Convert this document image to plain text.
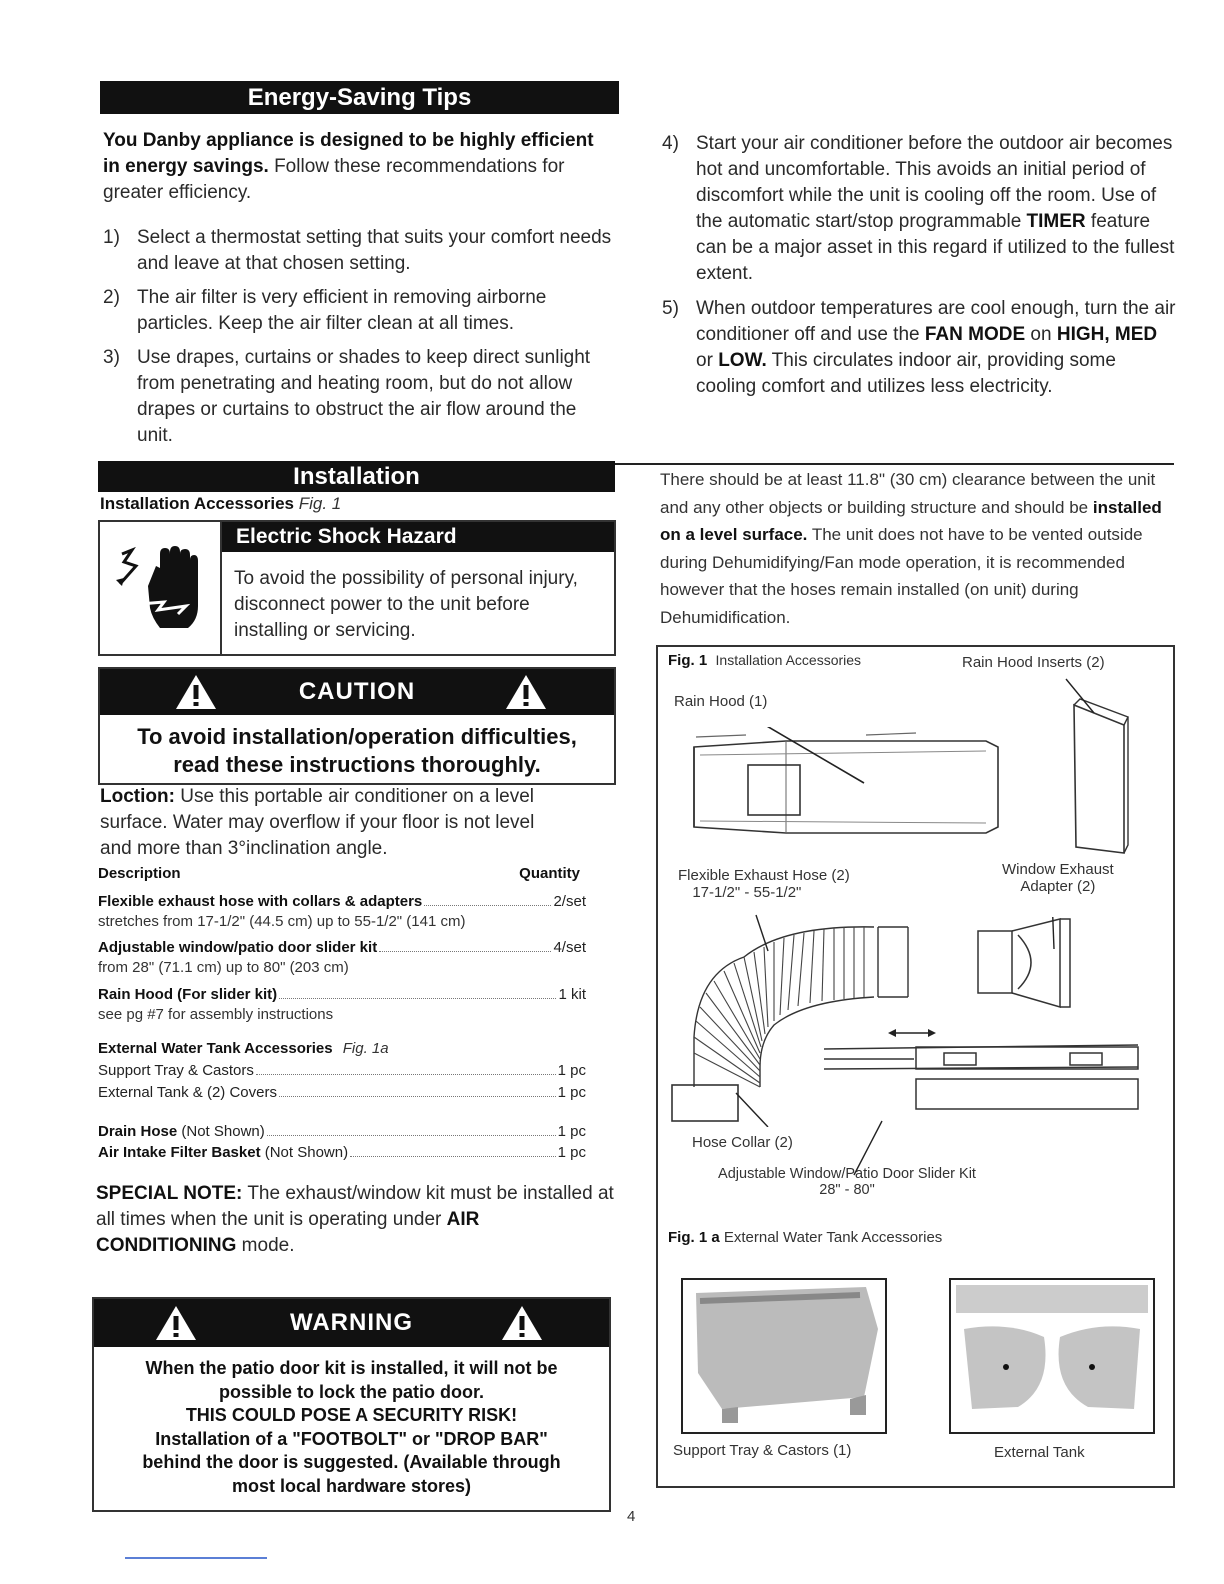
Energy-Saving Tips
You Danby appliance is designed to be highly efficient in energy savings. Follow these recommendations for greater efficiency.
1) Select a thermostat setting that suits your comfort needs and leave at that chosen setting.
2) The air filter is very efficient in removing airborne particles. Keep the air filter clean at all times.
3) Use drapes, curtains or shades to keep direct sunlight from penetrating and heating room, but do not allow drapes or curtains to obstruct the air flow around the unit.
4) Start your air conditioner before the outdoor air becomes hot and uncomfortable. This avoids an initial period of discomfort while the unit is cooling off the room. Use of the automatic start/stop programmable TIMER feature can be a major asset in this regard if utilized to the fullest extent.
5) When outdoor temperatures are cool enough, turn the air conditioner off and use the FAN MODE on HIGH, MED or LOW. This circulates indoor air, providing some cooling comfort and utilizes less electricity.
Installation
Installation Accessories Fig. 1
Electric Shock Hazard
To avoid the possibility of personal injury, disconnect power to the unit before installing or servicing.
CAUTION
To avoid installation/operation difficulties,
read these instructions thoroughly.
Loction: Use this portable air conditioner on a level surface. Water may overflow if your floor is not level and more than 3°inclination angle.
Description	Quantity
Flexible exhaust hose with collars & adapters	2/set
stretches from 17-1/2" (44.5 cm) up to 55-1/2" (141 cm)
Adjustable window/patio door slider kit	4/set
from 28" (71.1 cm) up to 80" (203 cm)
Rain Hood (For slider kit)	1 kit
see pg #7 for assembly instructions
External Water Tank Accessories Fig. 1a
Support Tray & Castors	1 pc
External Tank & (2) Covers	1 pc
Drain Hose (Not Shown)	1 pc
Air Intake Filter Basket (Not Shown)	1 pc
SPECIAL NOTE: The exhaust/window kit must be installed at all times when the unit is operating under AIR CONDITIONING mode.
WARNING
When the patio door kit is installed, it will not be
possible to lock the patio door.
THIS COULD POSE A SECURITY RISK!
Installation of a "FOOTBOLT" or "DROP BAR"
behind the door is suggested. (Available through
most local hardware stores)
There should be at least 11.8" (30 cm) clearance between the unit and any other objects or building structure and should be installed on a level surface. The unit does not have to be vented outside during Dehumidifying/Fan mode operation, it is recommended however that the hoses remain installed (on unit) during Dehumidification.
Fig. 1 Installation Accessories	Rain Hood Inserts (2)
Rain Hood (1)
Flexible Exhaust Hose (2)
17-1/2" - 55-1/2"
Window Exhaust
Adapter (2)
Hose Collar (2)
Adjustable Window/Patio Door Slider Kit
28" - 80"
Fig. 1 a External Water Tank Accessories
Support Tray & Castors (1)	External Tank
4
